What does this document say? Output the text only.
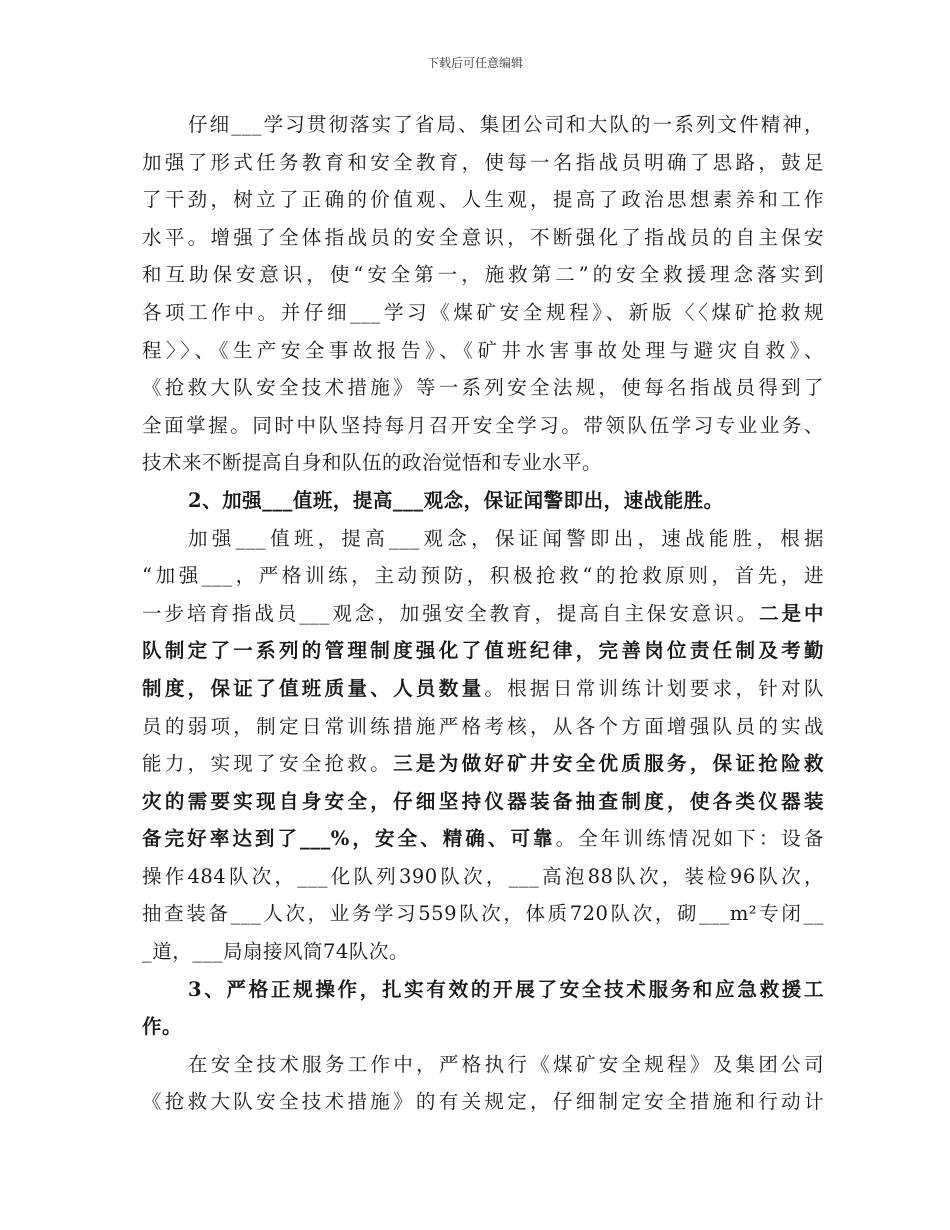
下载后可任意编辑
仔细___学习贯彻落实了省局、集团公司和大队的一系列文件精神，
加强了形式任务教育和安全教育，使每一名指战员明确了思路，鼓足
了干劲，树立了正确的价值观、人生观，提高了政治思想素养和工作
水平。增强了全体指战员的安全意识，不断强化了指战员的自主保安
和互助保安意识，使“安全第一，施救第二”的安全救援理念落实到
各项工作中。并仔细___学习《煤矿安全规程》、新版〈〈煤矿抢救规
程〉〉、《生产安全事故报告》、《矿井水害事故处理与避灾自救》、
《抢救大队安全技术措施》等一系列安全法规，使每名指战员得到了
全面掌握。同时中队坚持每月召开安全学习。带领队伍学习专业业务、
技术来不断提高自身和队伍的政治觉悟和专业水平。
2、加强___值班，提高___观念，保证闻警即出，速战能胜。
加强___值班，提高___观念，保证闻警即出，速战能胜，根据
“加强___，严格训练，主动预防，积极抢救“的抢救原则，首先，进
一步培育指战员___观念，加强安全教育，提高自主保安意识。二是中
队制定了一系列的管理制度强化了值班纪律，完善岗位责任制及考勤
制度，保证了值班质量、人员数量。根据日常训练计划要求，针对队
员的弱项，制定日常训练措施严格考核，从各个方面增强队员的实战
能力，实现了安全抢救。三是为做好矿井安全优质服务，保证抢险救
灾的需要实现自身安全，仔细坚持仪器装备抽查制度，使各类仪器装
备完好率达到了___%，安全、精确、可靠。全年训练情况如下：设备
操作484队次，___化队列390队次，___高泡88队次，装检96队次，
抽查装备___人次，业务学习559队次，体质720队次，砌___m²专闭__
_道，___局扇接风筒74队次。
3、严格正规操作，扎实有效的开展了安全技术服务和应急救援工
作。
在安全技术服务工作中，严格执行《煤矿安全规程》及集团公司
《抢救大队安全技术措施》的有关规定，仔细制定安全措施和行动计
